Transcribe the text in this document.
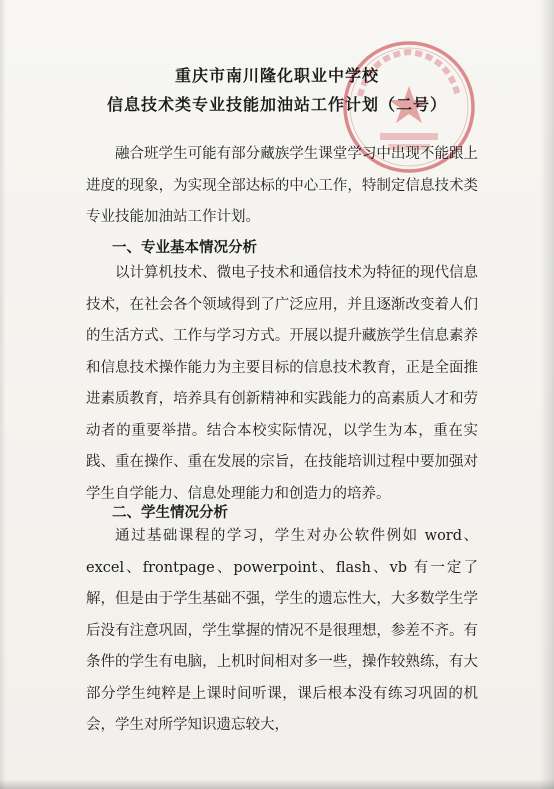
重庆市南川隆化职业中学校
信息技术类专业技能加油站工作计划（二号）
融合班学生可能有部分藏族学生课堂学习中出现不能跟上进度的现象，为实现全部达标的中心工作，特制定信息技术类专业技能加油站工作计划。
一、专业基本情况分析
以计算机技术、微电子技术和通信技术为特征的现代信息技术，在社会各个领域得到了广泛应用，并且逐渐改变着人们的生活方式、工作与学习方式。开展以提升藏族学生信息素养和信息技术操作能力为主要目标的信息技术教育，正是全面推进素质教育，培养具有创新精神和实践能力的高素质人才和劳动者的重要举措。结合本校实际情况，以学生为本，重在实践、重在操作、重在发展的宗旨，在技能培训过程中要加强对学生自学能力、信息处理能力和创造力的培养。
二、学生情况分析
通过基础课程的学习，学生对办公软件例如 word、excel、frontpage、powerpoint、flash、vb 有一定了解，但是由于学生基础不强，学生的遗忘性大，大多数学生学后没有注意巩固，学生掌握的情况不是很理想，参差不齐。有条件的学生有电脑，上机时间相对多一些，操作较熟练，有大部分学生纯粹是上课时间听课，课后根本没有练习巩固的机会，学生对所学知识遗忘较大，
